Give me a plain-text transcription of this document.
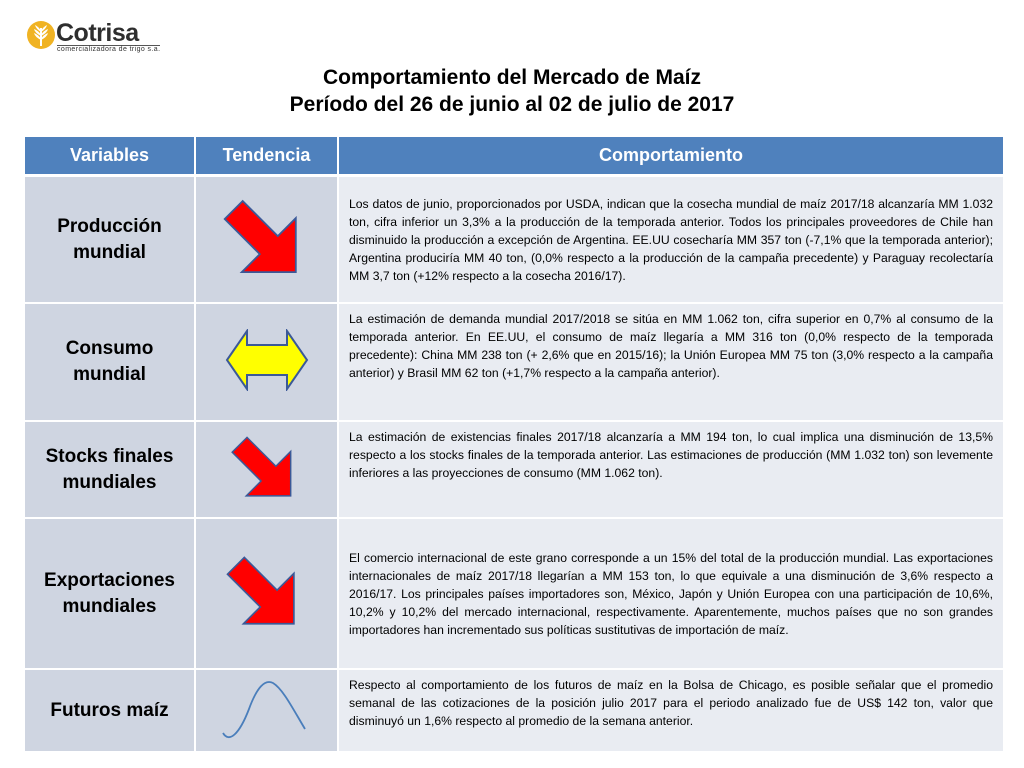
Cotrisa
comercializadora de trigo s.a.
Comportamiento del Mercado de Maíz
Período del 26 de junio al 02 de julio de 2017
Variables	Tendencia	Comportamiento
Producción mundial		Los datos de junio, proporcionados por USDA, indican que la cosecha mundial de maíz 2017/18 alcanzaría MM 1.032 ton, cifra inferior un 3,3% a la producción de la temporada anterior. Todos los principales proveedores de Chile han disminuido la producción a excepción de Argentina. EE.UU cosecharía MM 357 ton (-7,1% que la temporada anterior); Argentina produciría MM 40 ton, (0,0% respecto a la producción de la campaña precedente) y Paraguay recolectaría MM 3,7 ton (+12% respecto a la cosecha 2016/17).
Consumo mundial		La estimación de demanda mundial 2017/2018 se sitúa en MM 1.062 ton, cifra superior en 0,7% al consumo de la temporada anterior. En EE.UU, el consumo de maíz llegaría a MM 316 ton (0,0% respecto de la temporada precedente): China MM 238 ton (+ 2,6% que en 2015/16); la Unión Europea MM 75 ton (3,0% respecto a la campaña anterior) y Brasil MM 62 ton (+1,7% respecto a la campaña anterior).
Stocks finales mundiales		La estimación de existencias finales 2017/18 alcanzaría a MM 194 ton, lo cual implica una disminución de 13,5% respecto a los stocks finales de la temporada anterior. Las estimaciones de producción (MM 1.032 ton) son levemente inferiores a las proyecciones de consumo (MM 1.062 ton).
Exportaciones mundiales		El comercio internacional de este grano corresponde a un 15% del total de la producción mundial. Las exportaciones internacionales de maíz 2017/18 llegarían a MM 153 ton, lo que equivale a una disminución de 3,6% respecto a 2016/17. Los principales países importadores son, México, Japón y Unión Europea con una participación de 10,6%, 10,2% y 10,2% del mercado internacional, respectivamente. Aparentemente, muchos países que no son grandes importadores han incrementado sus políticas sustitutivas de importación de maíz.
Futuros maíz		Respecto al comportamiento de los futuros de maíz en la Bolsa de Chicago, es posible señalar que el promedio semanal de las cotizaciones de la posición julio 2017 para el periodo analizado fue de US$ 142 ton, valor que disminuyó un 1,6% respecto al promedio de la semana anterior.
